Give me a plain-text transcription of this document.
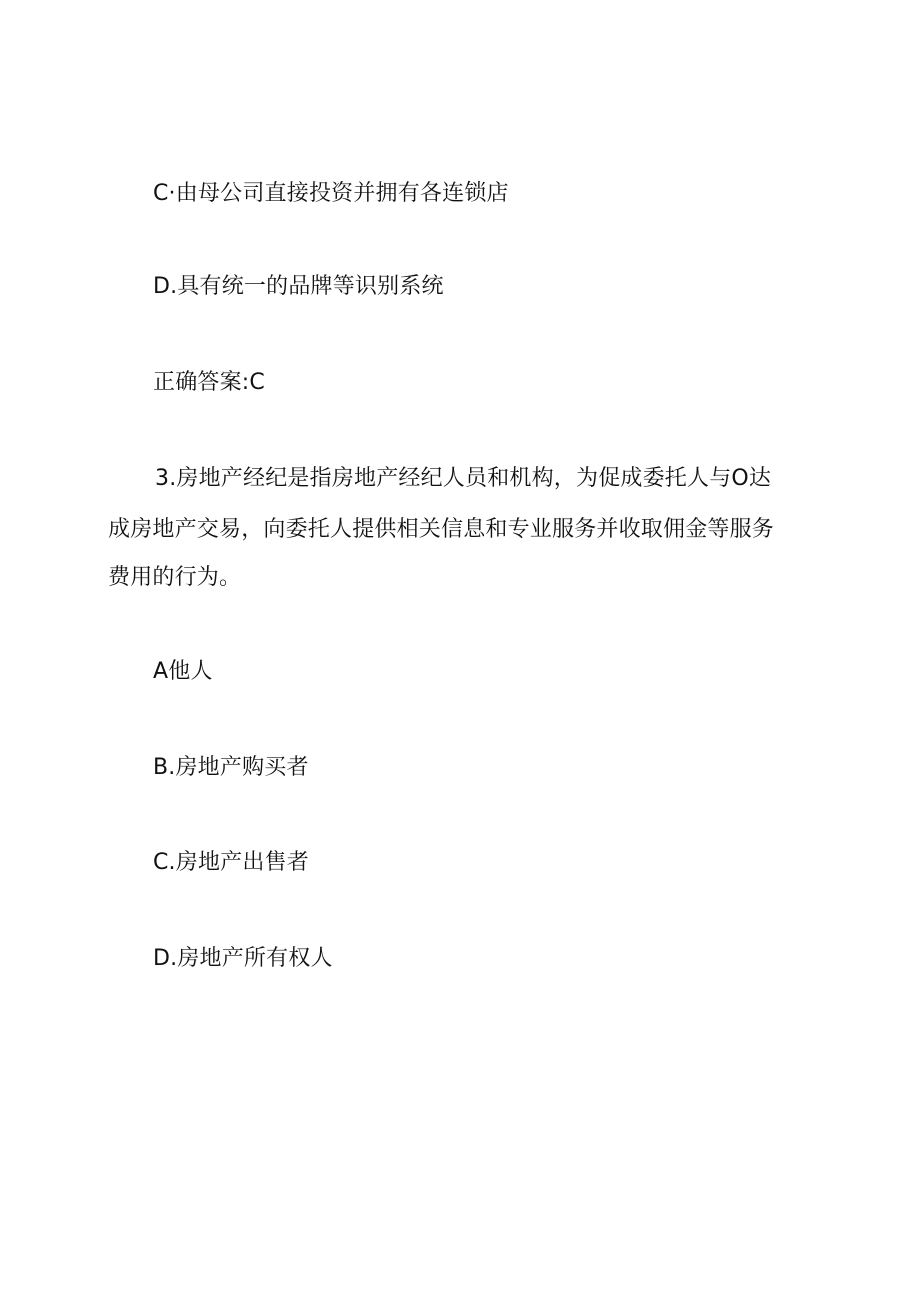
C·由母公司直接投资并拥有各连锁店
D.具有统一的品牌等识别系统
正确答案:C
3.房地产经纪是指房地产经纪人员和机构，为促成委托人与O达
成房地产交易，向委托人提供相关信息和专业服务并收取佣金等服务
费用的行为。
A他人
B.房地产购买者
C.房地产出售者
D.房地产所有权人
